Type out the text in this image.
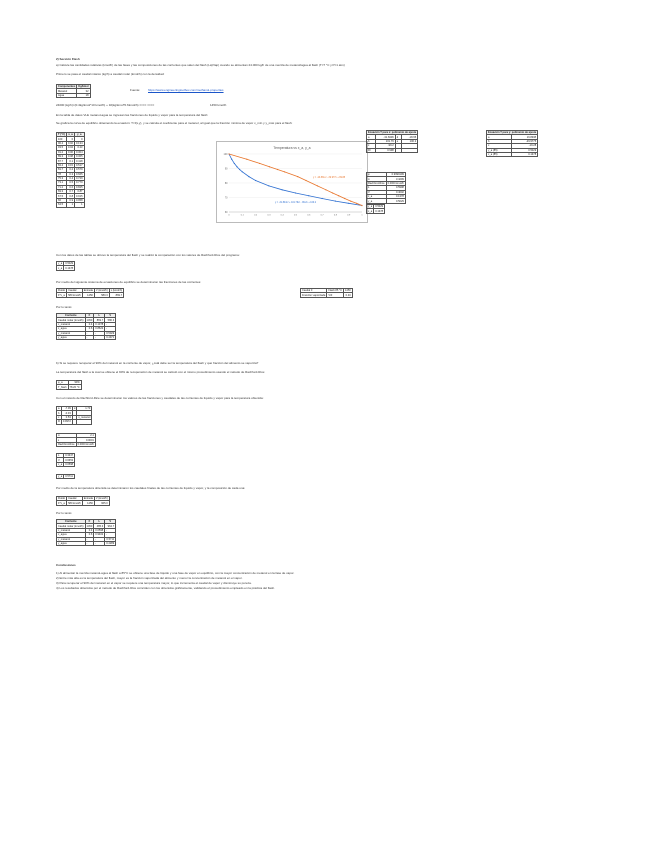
2) Sección Flash
a) Calcule las cantidades relativas (kmol/h) de las fases y las composiciones de las corrientes que salen del flash (Liq/Vap) cuando se alimentan 24.000 kg/h de una mezcla de metanol/agua al flash (T=? °C y P=1 atm)
Primero se pasa el caudal másico (kg/h) a caudal molar (kmol/h) con la densidad:
Componentes	Kg/kmol
Metanol	32
Agua	18
Fuente:	https://www.engineeringtoolbox.com/methanol-properties
24000 (kg/h)×(0.4kg/kmol*10 kmol/h) + 32(kg/kmol*0.6kmol/h) ==== ====	1450 kmol/h
En la tabla de datos VLE metanol-agua se ingresan las fracciones de líquido y vapor para la temperatura del flash:
Se grafica la curva de equilibrio obteniendo la ecuación: T=f(x,y), y se calcula el coeficiente para el metanol, al igual que la fracción mínima de vapor x_mín y y_máx para el flash:
T (°C)	x_a	y_a
100	0	0
96.4	0.02	0.134
93.5	0.04	0.23
91.2	0.06	0.304
89.3	0.08	0.365
87.7	0.1	0.418
84.4	0.15	0.517
81.7	0.2	0.579
78	0.3	0.665
75.3	0.4	0.729
73.1	0.5	0.779
71.2	0.6	0.825
69.3	0.7	0.87
67.5	0.8	0.915
66	0.9	0.958
64.5	1	1
Temperatura vs x_a, y_a
60
70
80
90
100
0	0.1	0.2	0.3	0.4	0.5	0.6	0.7	0.8	0.9	1
y = -16.831x² - 29.977x + 99.88
y = -31.844x³ + 101.79x² - 99.2x + 100.2
Ecuación T para x: polinomio de ajuste			
a	-31.8436	d	-18.95
b	101.79	e	100.2
c	-99.2		
R²	0.998		
Ecuación T para y: polinomio de ajuste	
a	16.8308
b	-29.9775
c	-19.28
y_a (85)	0.5029
x_a (85)	0.1378
φ	0.9999199
α	3.4299
Rachford-Rice	0.0000 kmol/h
L	0.5998
V	0.4002
x_a	0.1378
y_a	0.5029
y_a	0.5029
x_a	0.1378
Con los datos de las tablas se obtuvo la temperatura del flash y se realizó la comparación con los valores de Rachford-Rice del programa:
y_a	0.5029
x_a	0.1378
Por medio del siguiente sistema de ecuaciones de equilibrio se determinaron las fracciones de las corrientes:
Fluido	Caudal	Entrada	V (kmol/h)	L (kmol/h)
F*x_a	580 kmol/h	1450	580.3	869.7
Caudal F	Flash 85 °C	1450
Fracción vaporizada	V/F	0.40
Por lo tanto:
Corriente	F	L	V
Caudal molar (kmol/h)	1450	869.7	580.3
x_metanol	0.4	0.1378	-
x_agua	0.6	0.8622	-
y_metanol	-	-	0.5029
y_agua	-	-	0.4971
b) Si se requiere recuperar el 90% del metanol en la corriente de vapor, ¿cuál debe ser la temperatura del flash y qué fracción del alimento se vaporiza?
La temperatura del flash a la cual se obtiene el 90% de recuperación de metanol se calculó con el mismo procedimiento usando el método de Rachford-Rice:
φ_a	90%
T_flash	78.20 °C
Con el método de Rachford-Rice se determinaron los valores de las fracciones y caudales de las corrientes de líquido y vapor para la temperatura obtenida:
a	-7.09	α	1.73
b	-0.33		
c	0.53		x_metanol
R	0.9972		
α	2.1
ε	0.0001
Rachford-Rice	0.0000 kmol/h
L	0.3347
V	0.6653
x_a	0.0598
y_a	0.5711
Por medio de la temperatura obtenida se determinaron los caudales finales de las corrientes de líquido y vapor, y la composición de cada una:
Fluido	Caudal	Entrada	V (kmol/h)
F*x_a	580 kmol/h	1450	965.0
Por lo tanto:
Corriente	F	L	V
Caudal molar (kmol/h)	1450	485.3	964.7
x_metanol	0.4	0.0598	-
x_agua	0.6	0.9402	-
y_metanol	-	-	0.5711
y_agua	-	-	0.4289
Conclusiones
1) Al alimentar la mezcla metanol-agua al flash a 85°C se obtiene una fase de líquido y una fase de vapor en equilibrio, con la mayor concentración de metanol en la fase de vapor.
2) Entre más alta es la temperatura del flash, mayor es la fracción vaporizada del alimento y menor la concentración de metanol en el vapor.
3) Para recuperar el 90% del metanol en el vapor se requiere una temperatura mayor, lo que incrementa el caudal de vapor y disminuye su pureza.
4) Los resultados obtenidos por el método de Rachford-Rice coinciden con los obtenidos gráficamente, validando el procedimiento empleado en la práctica del flash.
